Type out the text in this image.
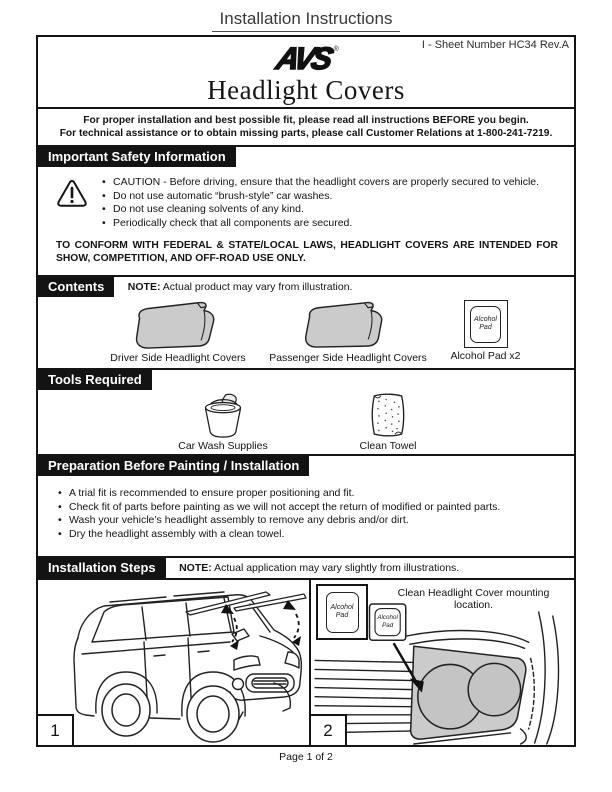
Installation Instructions
I - Sheet Number HC34 Rev.A
AVS®
Headlight Covers
For proper installation and best possible fit, please read all instructions BEFORE you begin.
For technical assistance or to obtain missing parts, please call Customer Relations at 1-800-241-7219.
Important Safety Information
• CAUTION - Before driving, ensure that the headlight covers are properly secured to vehicle.
• Do not use automatic “brush-style” car washes.
• Do not use cleaning solvents of any kind.
• Periodically check that all components are secured.
TO CONFORM WITH FEDERAL & STATE/LOCAL LAWS, HEADLIGHT COVERS ARE INTENDED FOR SHOW, COMPETITION, AND OFF-ROAD USE ONLY.
Contents NOTE: Actual product may vary from illustration.
Driver Side Headlight Covers	Passenger Side Headlight Covers
Alcohol
Pad
Alcohol Pad x2
Tools Required
Car Wash Supplies	Clean Towel
Preparation Before Painting / Installation
• A trial fit is recommended to ensure proper positioning and fit.
• Check fit of parts before painting as we will not accept the return of modified or painted parts.
• Wash your vehicle’s headlight assembly to remove any debris and/or dirt.
• Dry the headlight assembly with a clean towel.
Installation Steps NOTE: Actual application may vary slightly from illustrations.
1
Alcohol
Pad
Clean Headlight Cover mounting location.
Alcohol
Pad
2
Page 1 of 2
